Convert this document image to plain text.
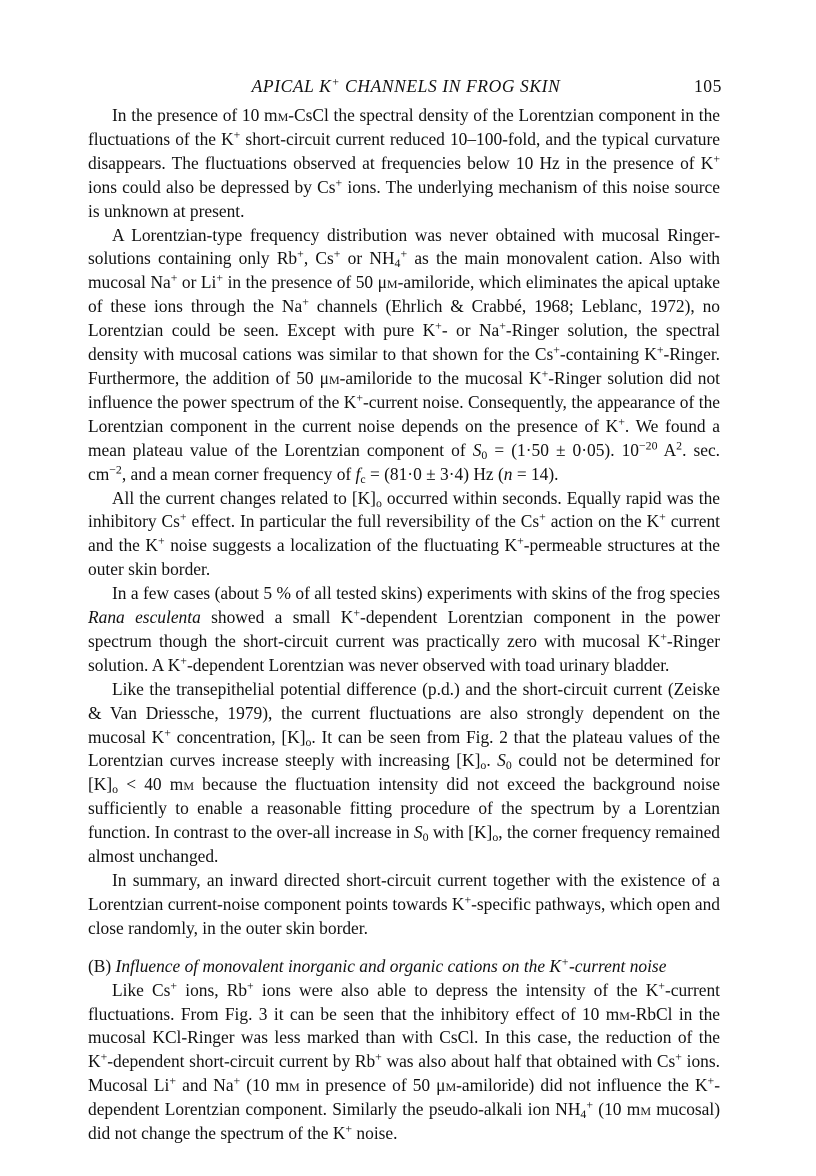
APICAL K+ CHANNELS IN FROG SKIN	105

In the presence of 10 mm-CsCl the spectral density of the Lorentzian component in the fluctuations of the K+ short-circuit current reduced 10–100-fold, and the typical curvature disappears. The fluctuations observed at frequencies below 10 Hz in the presence of K+ ions could also be depressed by Cs+ ions. The underlying mechanism of this noise source is unknown at present.

A Lorentzian-type frequency distribution was never obtained with mucosal Ringer-solutions containing only Rb+, Cs+ or $NH_4^+$ as the main monovalent cation. Also with mucosal Na+ or Li+ in the presence of 50 μm-amiloride, which eliminates the apical uptake of these ions through the Na+ channels (Ehrlich & Crabbé, 1968; Leblanc, 1972), no Lorentzian could be seen. Except with pure K+- or Na+-Ringer solution, the spectral density with mucosal cations was similar to that shown for the Cs+-containing K+-Ringer. Furthermore, the addition of 50 μm-amiloride to the mucosal K+-Ringer solution did not influence the power spectrum of the K+-current noise. Consequently, the appearance of the Lorentzian component in the current noise depends on the presence of K+. We found a mean plateau value of the Lorentzian component of $S_0 = (1\cdot 50 \pm 0\cdot 05)$. $10^{-20}$ $A^2$. sec. $cm^{-2}$, and a mean corner frequency of $f_c = (81\cdot 0 \pm 3\cdot 4)$ Hz (n = 14).

All the current changes related to $[K]_o$ occurred within seconds. Equally rapid was the inhibitory Cs+ effect. In particular the full reversibility of the Cs+ action on the K+ current and the K+ noise suggests a localization of the fluctuating K+-permeable structures at the outer skin border.

In a few cases (about 5 % of all tested skins) experiments with skins of the frog species Rana esculenta showed a small K+-dependent Lorentzian component in the power spectrum though the short-circuit current was practically zero with mucosal K+-Ringer solution. A K+-dependent Lorentzian was never observed with toad urinary bladder.

Like the transepithelial potential difference (p.d.) and the short-circuit current (Zeiske & Van Driessche, 1979), the current fluctuations are also strongly dependent on the mucosal K+ concentration, $[K]_o$. It can be seen from Fig. 2 that the plateau values of the Lorentzian curves increase steeply with increasing $[K]_o$. $S_0$ could not be determined for $[K]_o < 40$ mm because the fluctuation intensity did not exceed the background noise sufficiently to enable a reasonable fitting procedure of the spectrum by a Lorentzian function. In contrast to the over-all increase in $S_0$ with $[K]_o$, the corner frequency remained almost unchanged.

In summary, an inward directed short-circuit current together with the existence of a Lorentzian current-noise component points towards K+-specific pathways, which open and close randomly, in the outer skin border.

(B) Influence of monovalent inorganic and organic cations on the K+-current noise

Like Cs+ ions, Rb+ ions were also able to depress the intensity of the K+-current fluctuations. From Fig. 3 it can be seen that the inhibitory effect of 10 mm-RbCl in the mucosal KCl-Ringer was less marked than with CsCl. In this case, the reduction of the K+-dependent short-circuit current by Rb+ was also about half that obtained with Cs+ ions. Mucosal Li+ and Na+ (10 mm in presence of 50 μm-amiloride) did not influence the K+-dependent Lorentzian component. Similarly the pseudo-alkali ion $NH_4^+$ (10 mm mucosal) did not change the spectrum of the K+ noise.
